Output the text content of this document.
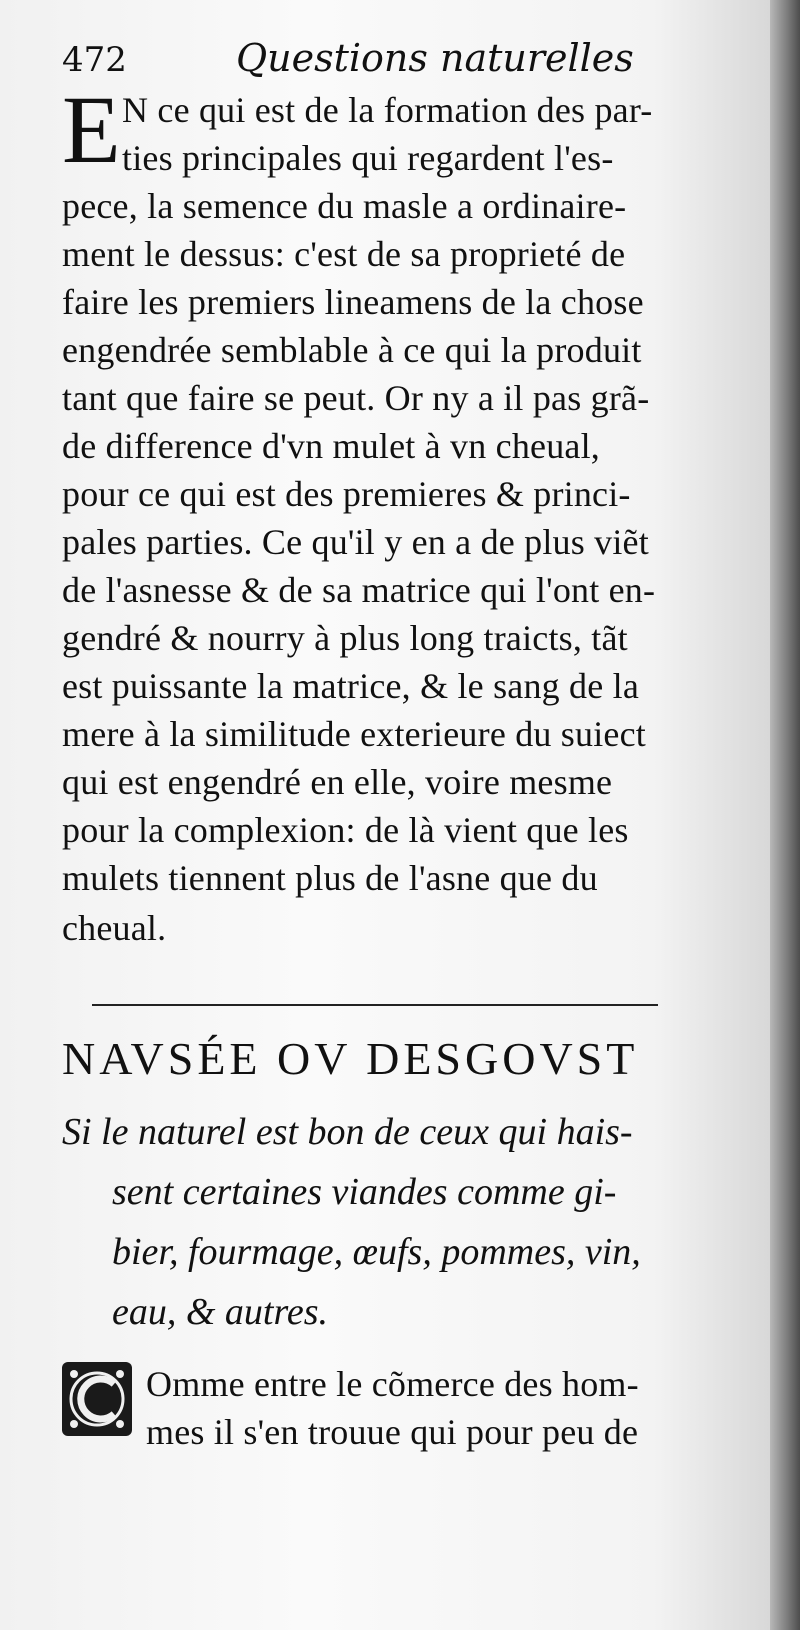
472	Questions naturelles
E N ce qui est de la formation des par-
ties principales qui regardent l'es-
pece, la semence du masle a ordinaire-
ment le dessus: c'est de sa proprieté de
faire les premiers lineamens de la chose
engendrée semblable à ce qui la produit
tant que faire se peut. Or ny a il pas grã-
de difference d'vn mulet à vn cheual,
pour ce qui est des premieres & princi-
pales parties. Ce qu'il y en a de plus viẽt
de l'asnesse & de sa matrice qui l'ont en-
gendré & nourry à plus long traicts, tãt
est puissante la matrice, & le sang de la
mere à la similitude exterieure du suiect
qui est engendré en elle, voire mesme
pour la complexion: de là vient que les
mulets tiennent plus de l'asne que du
cheual.
NAVSÉE OV DESGOVST
Si le naturel est bon de ceux qui hais-
sent certaines viandes comme gi-
bier, fourmage, œufs, pommes, vin,
eau, & autres.
Omme entre le cõmerce des hom-
mes il s'en trouue qui pour peu de
